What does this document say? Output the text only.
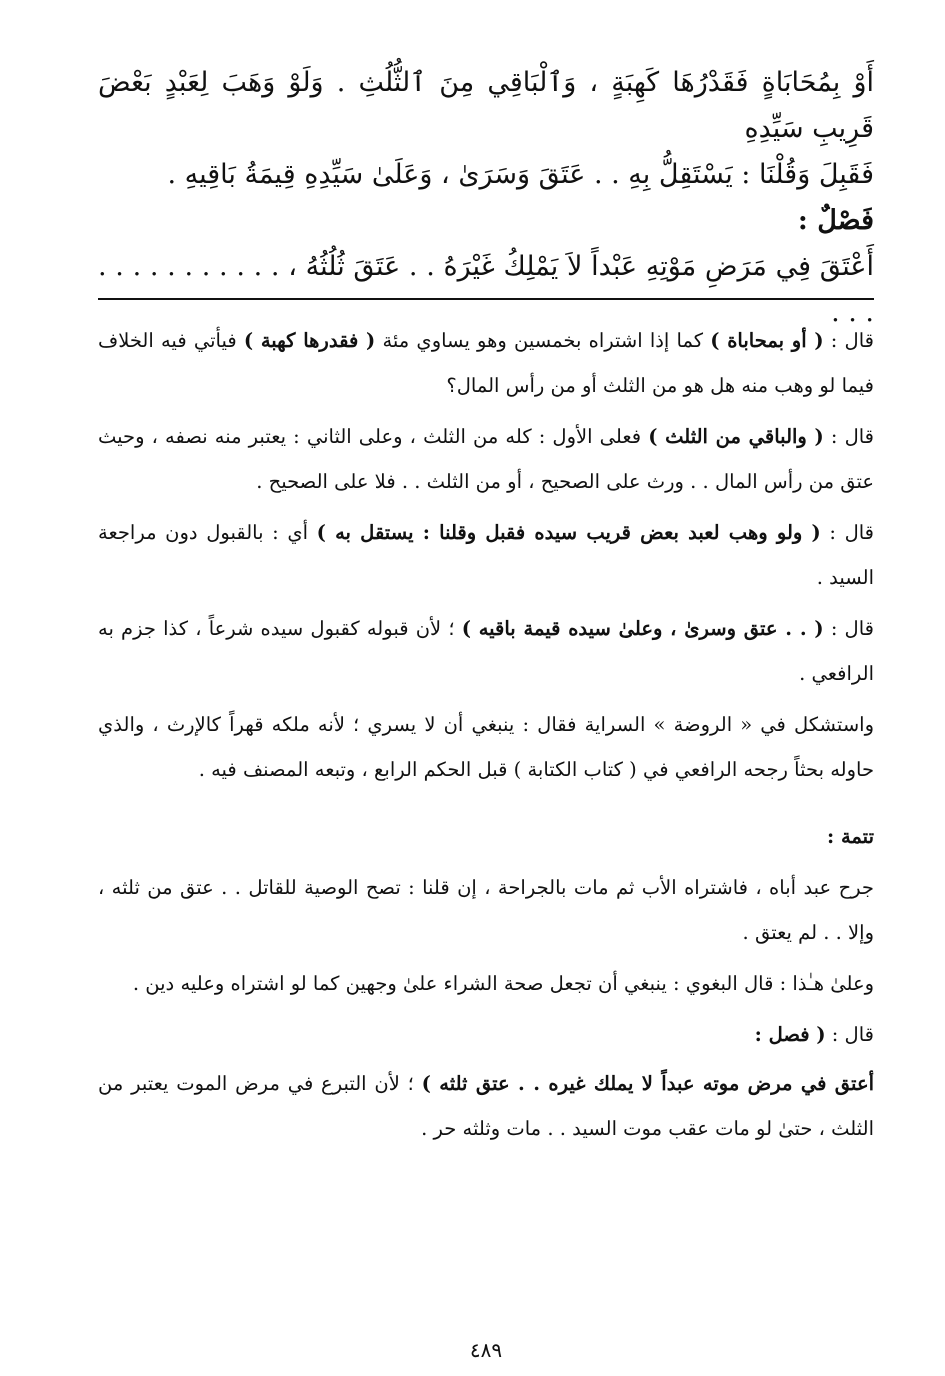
أَوْ بِمُحَابَاةٍ فَقَدْرُهَا كَهِبَةٍ ، وَٱلْبَاقِي مِنَ ٱلثُّلُثِ . وَلَوْ وَهَبَ لِعَبْدٍ بَعْضَ قَرِيبِ سَيِّدِهِ

فَقَبِلَ وَقُلْنَا : يَسْتَقِلُّ بِهِ . . عَتَقَ وَسَرَىٰ ، وَعَلَىٰ سَيِّدِهِ قِيمَةُ بَاقِيهِ .

فَصْلٌ :

أَعْتَقَ فِي مَرَضِ مَوْتِهِ عَبْداً لاَ يَمْلِكُ غَيْرَهُ . . عَتَقَ ثُلُثُهُ ، . . . . . . . . . . . . . .

قال : ( أو بمحاباة ) كما إذا اشتراه بخمسين وهو يساوي مئة ( فقدرها كهبة ) فيأتي فيه الخلاف فيما لو وهب منه هل هو من الثلث أو من رأس المال؟

قال : ( والباقي من الثلث ) فعلى الأول : كله من الثلث ، وعلى الثاني : يعتبر منه نصفه ، وحيث عتق من رأس المال . . ورث على الصحيح ، أو من الثلث . . فلا على الصحيح .

قال : ( ولو وهب لعبد بعض قريب سيده فقبل وقلنا : يستقل به ) أي : بالقبول دون مراجعة السيد .

قال : ( . . عتق وسرىٰ ، وعلىٰ سيده قيمة باقيه ) ؛ لأن قبوله كقبول سيده شرعاً ، كذا جزم به الرافعي .

واستشكل في « الروضة » السراية فقال : ينبغي أن لا يسري ؛ لأنه ملكه قهراً كالإرث ، والذي حاوله بحثاً رجحه الرافعي في ( كتاب الكتابة ) قبل الحكم الرابع ، وتبعه المصنف فيه .

تتمة :

جرح عبد أباه ، فاشتراه الأب ثم مات بالجراحة ، إن قلنا : تصح الوصية للقاتل . . عتق من ثلثه ، وإلا . . لم يعتق .

وعلىٰ هـٰذا : قال البغوي : ينبغي أن تجعل صحة الشراء علىٰ وجهين كما لو اشتراه وعليه دين .

قال : ( فصل :

أعتق في مرض موته عبداً لا يملك غيره . . عتق ثلثه ) ؛ لأن التبرع في مرض الموت يعتبر من الثلث ، حتىٰ لو مات عقب موت السيد . . مات وثلثه حر .

٤٨٩
